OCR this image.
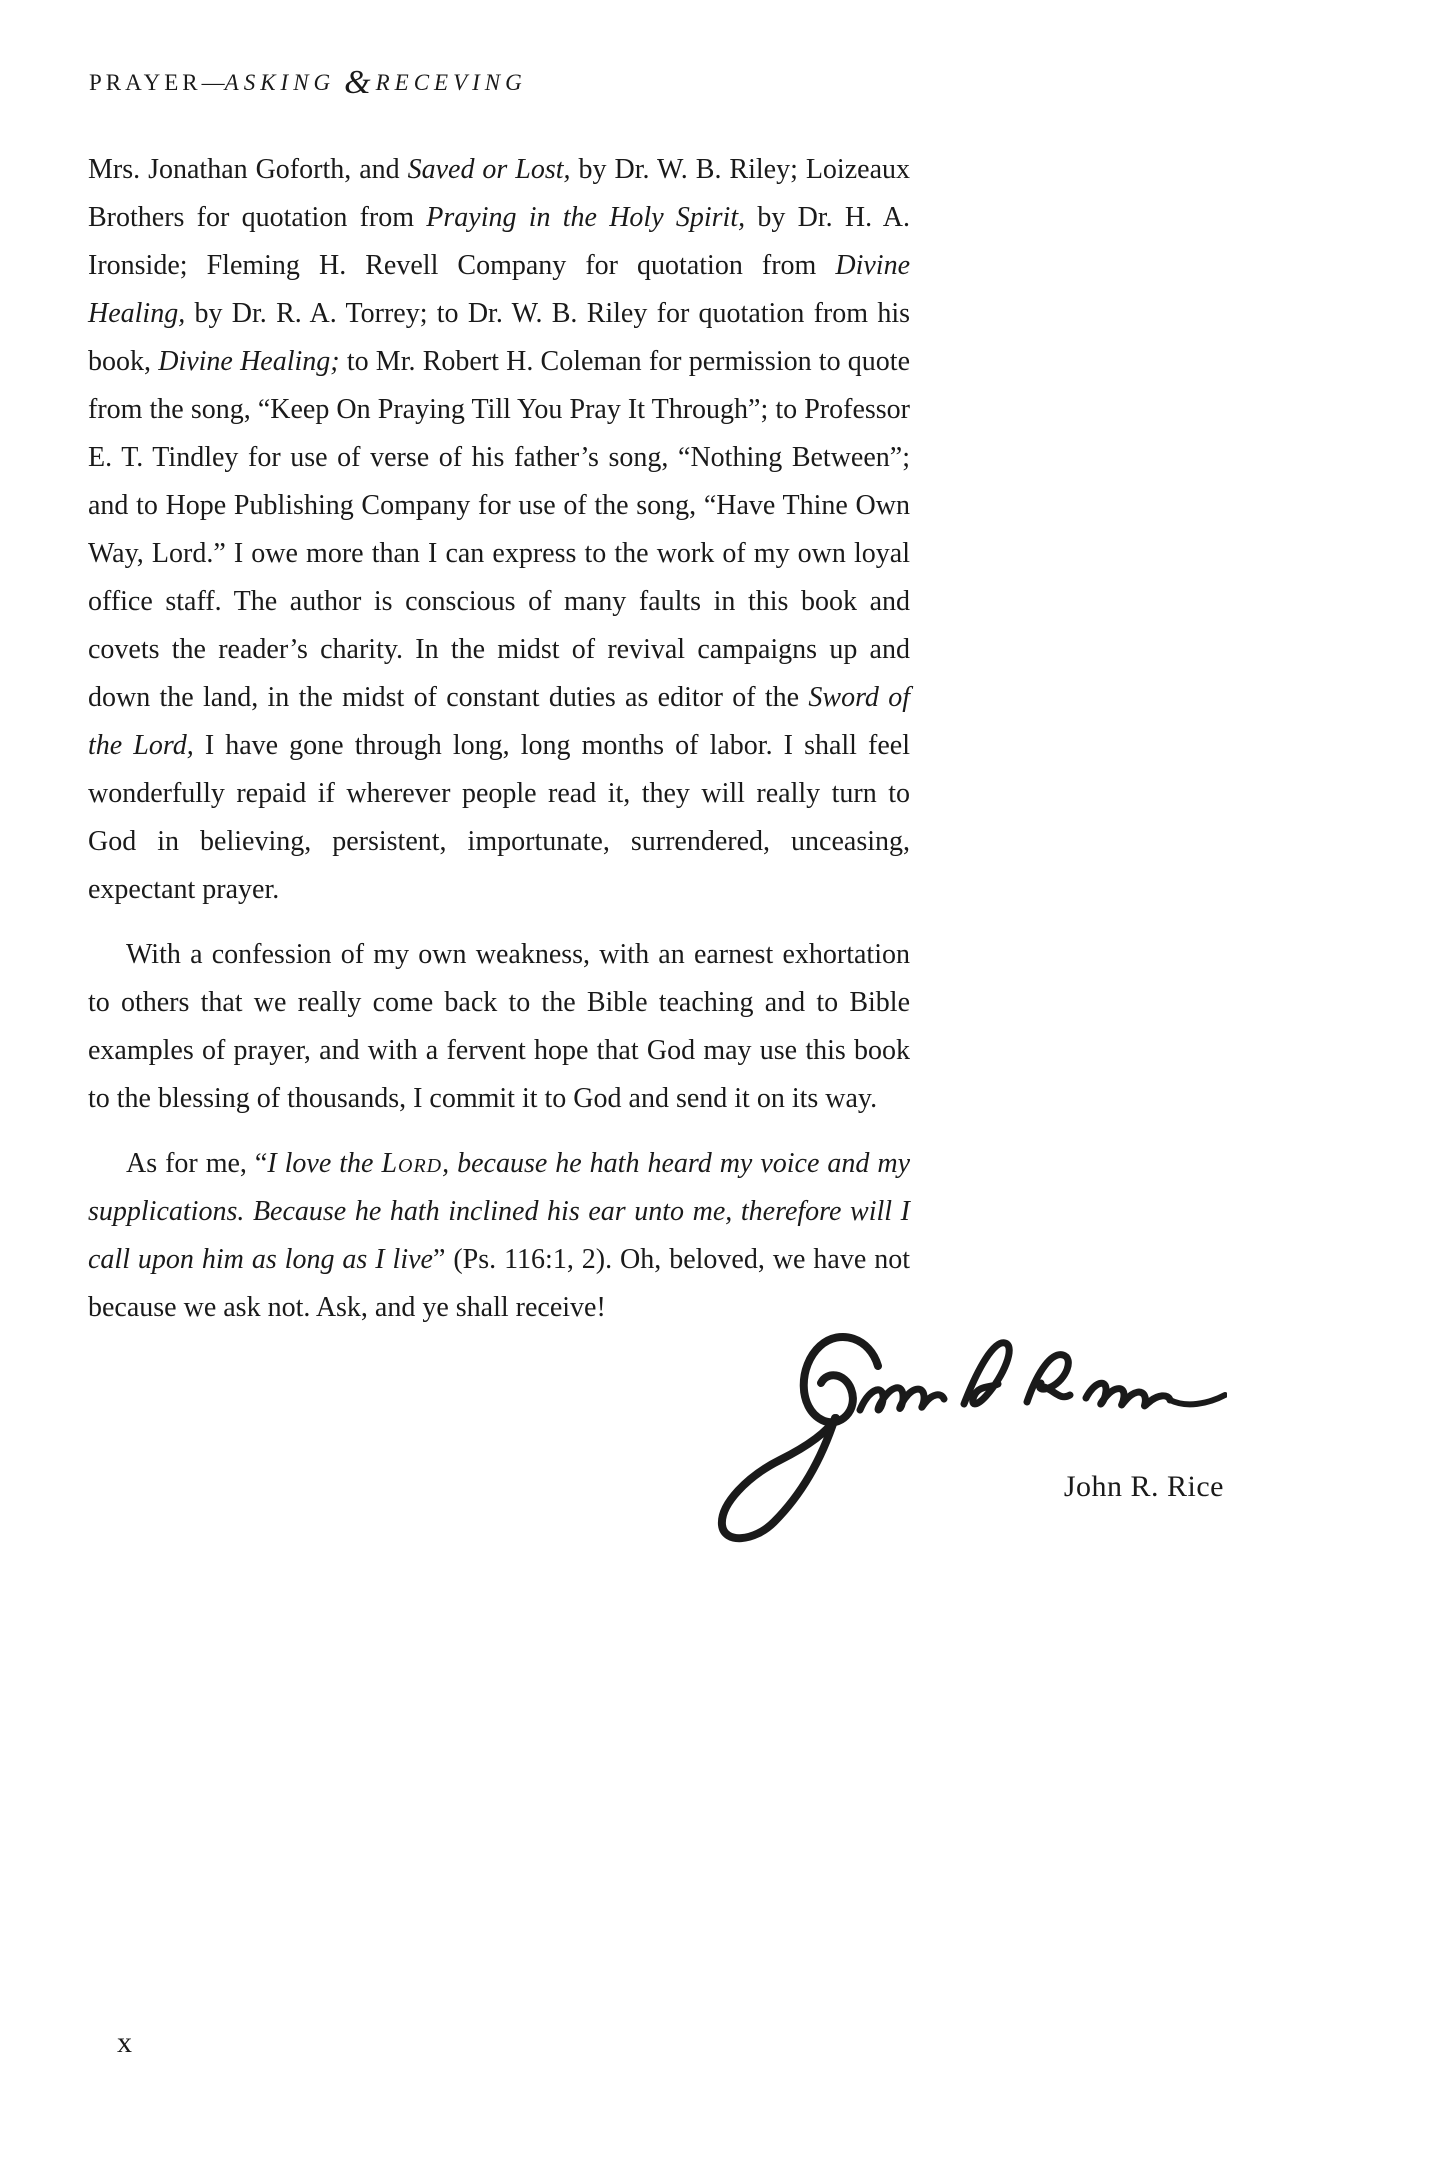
PRAYER—ASKING & RECEVING

Mrs. Jonathan Goforth, and Saved or Lost, by Dr. W. B. Riley; Loizeaux Brothers for quotation from Praying in the Holy Spirit, by Dr. H. A. Ironside; Fleming H. Revell Company for quotation from Divine Healing, by Dr. R. A. Torrey; to Dr. W. B. Riley for quotation from his book, Divine Healing; to Mr. Robert H. Coleman for permission to quote from the song, “Keep On Praying Till You Pray It Through”; to Professor E. T. Tindley for use of verse of his father’s song, “Nothing Between”; and to Hope Publishing Company for use of the song, “Have Thine Own Way, Lord.” I owe more than I can express to the work of my own loyal office staff. The author is conscious of many faults in this book and covets the reader’s charity. In the midst of revival campaigns up and down the land, in the midst of constant duties as editor of the Sword of the Lord, I have gone through long, long months of labor. I shall feel wonderfully repaid if wherever people read it, they will really turn to God in believing, persistent, importunate, surrendered, unceasing, expectant prayer.

With a confession of my own weakness, with an earnest exhortation to others that we really come back to the Bible teaching and to Bible examples of prayer, and with a fervent hope that God may use this book to the blessing of thousands, I commit it to God and send it on its way.

As for me, “I love the Lord, because he hath heard my voice and my supplications. Because he hath inclined his ear unto me, therefore will I call upon him as long as I live” (Ps. 116:1, 2). Oh, beloved, we have not because we ask not. Ask, and ye shall receive!

John R. Rice
x
